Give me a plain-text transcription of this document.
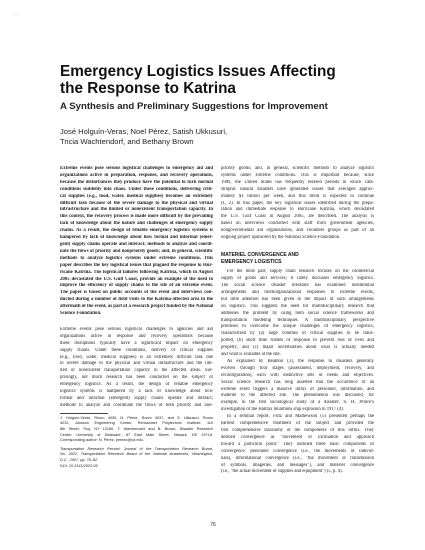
· ◦
Emergency Logistics Issues Affecting
the Response to Katrina
A Synthesis and Preliminary Suggestions for Improvement
José Holguín-Veras, Noel Pérez, Satish Ukkusuri,
Tricia Wachtendorf, and Bethany Brown
Extreme events pose serious logistical challenges to emergency aid and
organizations active in preparation, response, and recovery operations,
because the disturbances they produce have the potential to turn normal
conditions suddenly into chaos. Under these conditions, delivering criti-
cal supplies (e.g., food, water, medical supplies) becomes an extremely
difficult task because of the severe damage to the physical and virtual
infrastructure and the limited or nonexistent transportation capacity. In
this context, the recovery process is made more difficult by the prevailing
lack of knowledge about the nature and challenges of emergency supply
chains. As a result, the design of reliable emergency logistics systems is
hampered by lack of knowledge about how formal and informal (emer-
gent) supply chains operate and interact; methods to analyze and coordi-
nate the flows of priority and nonpriority goods; and, in general, scientific
methods to analyze logistics systems under extreme conditions. This
paper describes the key logistical issues that plagued the response to Hur-
ricane Katrina. The logistical failures following Katrina, which in August
2005 devastated the U.S. Gulf Coast, provide an example of the need to
improve the efficiency of supply chains to the site of an extreme event.
The paper is based on public accounts of the event and interviews con-
ducted during a number of field visits to the Katrina-affected area in the
aftermath of the event, as part of a research project funded by the National
Science Foundation.
Extreme events pose serious logistical challenges to agencies and aid
organizations active in response and recovery operations because
these disruptions typically have a significant impact on emergency
supply chains. Under these conditions, delivery of critical supplies
(e.g., food, water, medical supplies) is an extremely difficult task due
to severe damage to the physical and virtual infrastructure and the lim-
ited or nonexistent transportation capacity in the affected areas. Sur-
prisingly, not much research has been conducted on the subject of
emergency logistics. As a result, the design of reliable emergency
logistics systems is hampered by a lack of knowledge about how
formal and informal (emergent) supply chains operate and interact;
methods to analyze and coordinate the flows of both priority and non-
J. Holguín-Veras, Room 4030, N. Pérez, Room 4037, and S. Ukkusuri, Room
4032, Jonsson Engineering Center, Rensselaer Polytechnic Institute, 110
8th Street, Troy, NY 12180. T. Wachtendorf and B. Brown, Disaster Research
Center, University of Delaware, 87 East Main Street, Newark, DE 19716.
Corresponding author: N. Pérez, perezn@rpi.edu.
Transportation Research Record: Journal of the Transportation Research Board,
No. 2022, Transportation Research Board of the National Academies, Washington,
D.C., 2007, pp. 76–82.
DOI: 10.3141/2022-09
priority goods; and, in general, scientific methods to analyze logistics
systems under extreme conditions. This is important because, since
1989, the United States has frequently entered periods in which cata-
strophic natural disasters have generated losses that averaged approx-
imately $1 billion per week, and this trend is expected to continue
(1, 2). In this paper, the key logistical issues identified during the prepa-
ration and immediate response to Hurricane Katrina, which devastated
the U.S. Gulf Coast in August 2005, are described. The analysis is
based on interviews conducted with staff from government agencies,
nongovernmental aid organizations, and volunteer groups as part of an
ongoing project sponsored by the National Science Foundation.
MATERIEL CONVERGENCE AND
EMERGENCY LOGISTICS
For the most part, supply chain research focuses on the commercial
supply of goods and services; it rarely discusses emergency logistics.
The social science disaster literature has examined institutional
arrangements and multiorganizational responses to extreme events,
but little attention has been given to the impact of such arrangements
on logistics. This suggests the need for multidisciplinary research that
addresses the problem by using both social science frameworks and
transportation modeling techniques. A multidisciplinary perspective
promises to overcome the unique challenges of emergency logistics,
characterized by (a) large volumes of critical supplies to be trans-
ported, (b) short time frames of response to prevent loss of lives and
property, and (c) major uncertainties about what is actually needed
and what is available at the site.
As explained by Beamon (3), the response to disasters generally
evolves through four stages (assessment, deployment, recovery, and
reconfiguration), each with distinctive sets of needs and objectives.
Social science research has long asserted that the occurrence of an
extreme event triggers a massive influx of personnel, information, and
materiel to the affected site. The phenomenon was discussed, for
example, in the first sociological study of a disaster: S. H. Prince's
investigation of the Halifax munitions ship explosion in 1917 (4).
In a seminal report, Fritz and Mathewson (5) presented perhaps the
earliest comprehensive treatment of the subject and provided the
first comprehensive taxonomy of the components of this influx. They
defined convergence as "movement or inclination and approach
toward a particular point." They outlined three basic components of
convergence: personnel convergence (i.e., the movements of individ-
uals), informational convergence (i.e., "the movement or transmission
of symbols, imageries, and messages"), and materiel convergence
(i.e., "the actual movement of supplies and equipment") (5, p. 4).
76
